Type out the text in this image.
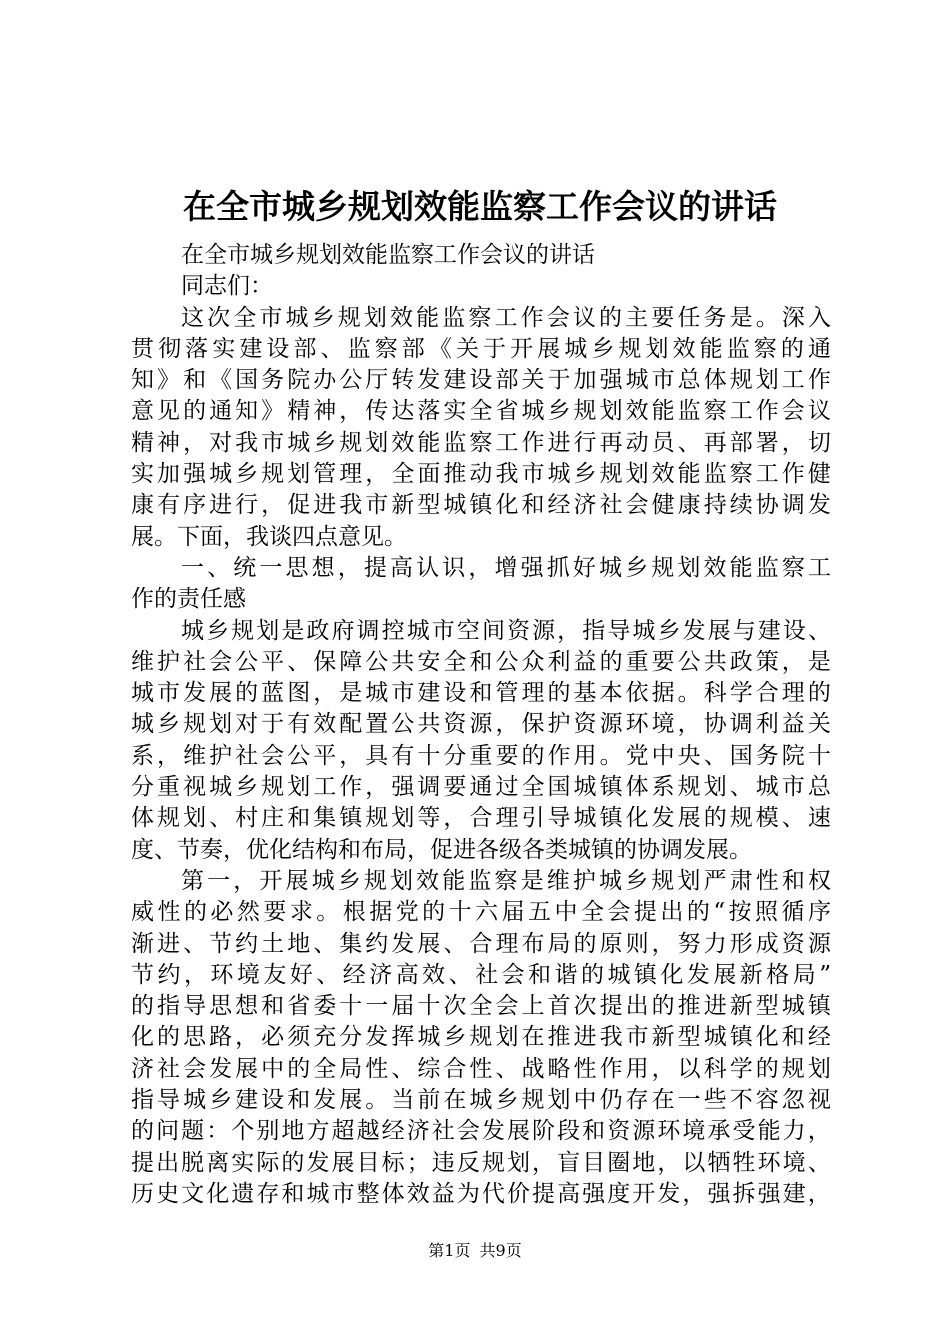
在全市城乡规划效能监察工作会议的讲话
在全市城乡规划效能监察工作会议的讲话
同志们：
这 次 全 市 城 乡 规 划 效 能 监 察 工 作 会 议 的 主 要 任 务 是 。 深 入
贯 彻 落 实 建 设 部 、 监 察 部 《 关 于 开 展 城 乡 规 划 效 能 监 察 的 通
知 》 和 《 国 务 院 办 公 厅 转 发 建 设 部 关 于 加 强 城 市 总 体 规 划 工 作
意 见 的 通 知 》 精 神 ， 传 达 落 实 全 省 城 乡 规 划 效 能 监 察 工 作 会 议
精 神 ， 对 我 市 城 乡 规 划 效 能 监 察 工 作 进 行 再 动 员 、 再 部 署 ， 切
实 加 强 城 乡 规 划 管 理 ， 全 面 推 动 我 市 城 乡 规 划 效 能 监 察 工 作 健
康 有 序 进 行 ， 促 进 我 市 新 型 城 镇 化 和 经 济 社 会 健 康 持 续 协 调 发
展。下面，我谈四点意见。
一 、 统 一 思 想 ， 提 高 认 识 ， 增 强 抓 好 城 乡 规 划 效 能 监 察 工
作的责任感
城 乡 规 划 是 政 府 调 控 城 市 空 间 资 源 ， 指 导 城 乡 发 展 与 建 设 、
维 护 社 会 公 平 、 保 障 公 共 安 全 和 公 众 利 益 的 重 要 公 共 政 策 ， 是
城 市 发 展 的 蓝 图 ， 是 城 市 建 设 和 管 理 的 基 本 依 据 。 科 学 合 理 的
城 乡 规 划 对 于 有 效 配 置 公 共 资 源 ， 保 护 资 源 环 境 ， 协 调 利 益 关
系 ， 维 护 社 会 公 平 ， 具 有 十 分 重 要 的 作 用 。 党 中 央 、 国 务 院 十
分 重 视 城 乡 规 划 工 作 ， 强 调 要 通 过 全 国 城 镇 体 系 规 划 、 城 市 总
体 规 划 、 村 庄 和 集 镇 规 划 等 ， 合 理 引 导 城 镇 化 发 展 的 规 模 、 速
度、节奏，优化结构和布局，促进各级各类城镇的协调发展。
第 一 ， 开 展 城 乡 规 划 效 能 监 察 是 维 护 城 乡 规 划 严 肃 性 和 权
威 性 的 必 然 要 求 。 根 据 党 的 十 六 届 五 中 全 会 提 出 的 “ 按 照 循 序
渐 进 、 节 约 土 地 、 集 约 发 展 、 合 理 布 局 的 原 则 ， 努 力 形 成 资 源
节 约 ， 环 境 友 好 、 经 济 高 效 、 社 会 和 谐 的 城 镇 化 发 展 新 格 局 ”
的 指 导 思 想 和 省 委 十 一 届 十 次 全 会 上 首 次 提 出 的 推 进 新 型 城 镇
化 的 思 路 ， 必 须 充 分 发 挥 城 乡 规 划 在 推 进 我 市 新 型 城 镇 化 和 经
济 社 会 发 展 中 的 全 局 性 、 综 合 性 、 战 略 性 作 用 ， 以 科 学 的 规 划
指 导 城 乡 建 设 和 发 展 。 当 前 在 城 乡 规 划 中 仍 存 在 一 些 不 容 忽 视
的 问 题 ： 个 别 地 方 超 越 经 济 社 会 发 展 阶 段 和 资 源 环 境 承 受 能 力 ，
提 出 脱 离 实 际 的 发 展 目 标 ； 违 反 规 划 ， 盲 目 圈 地 ， 以 牺 牲 环 境 、
历 史 文 化 遗 存 和 城 市 整 体 效 益 为 代 价 提 高 强 度 开 发 ， 强 拆 强 建 ，
第1页 共9页
